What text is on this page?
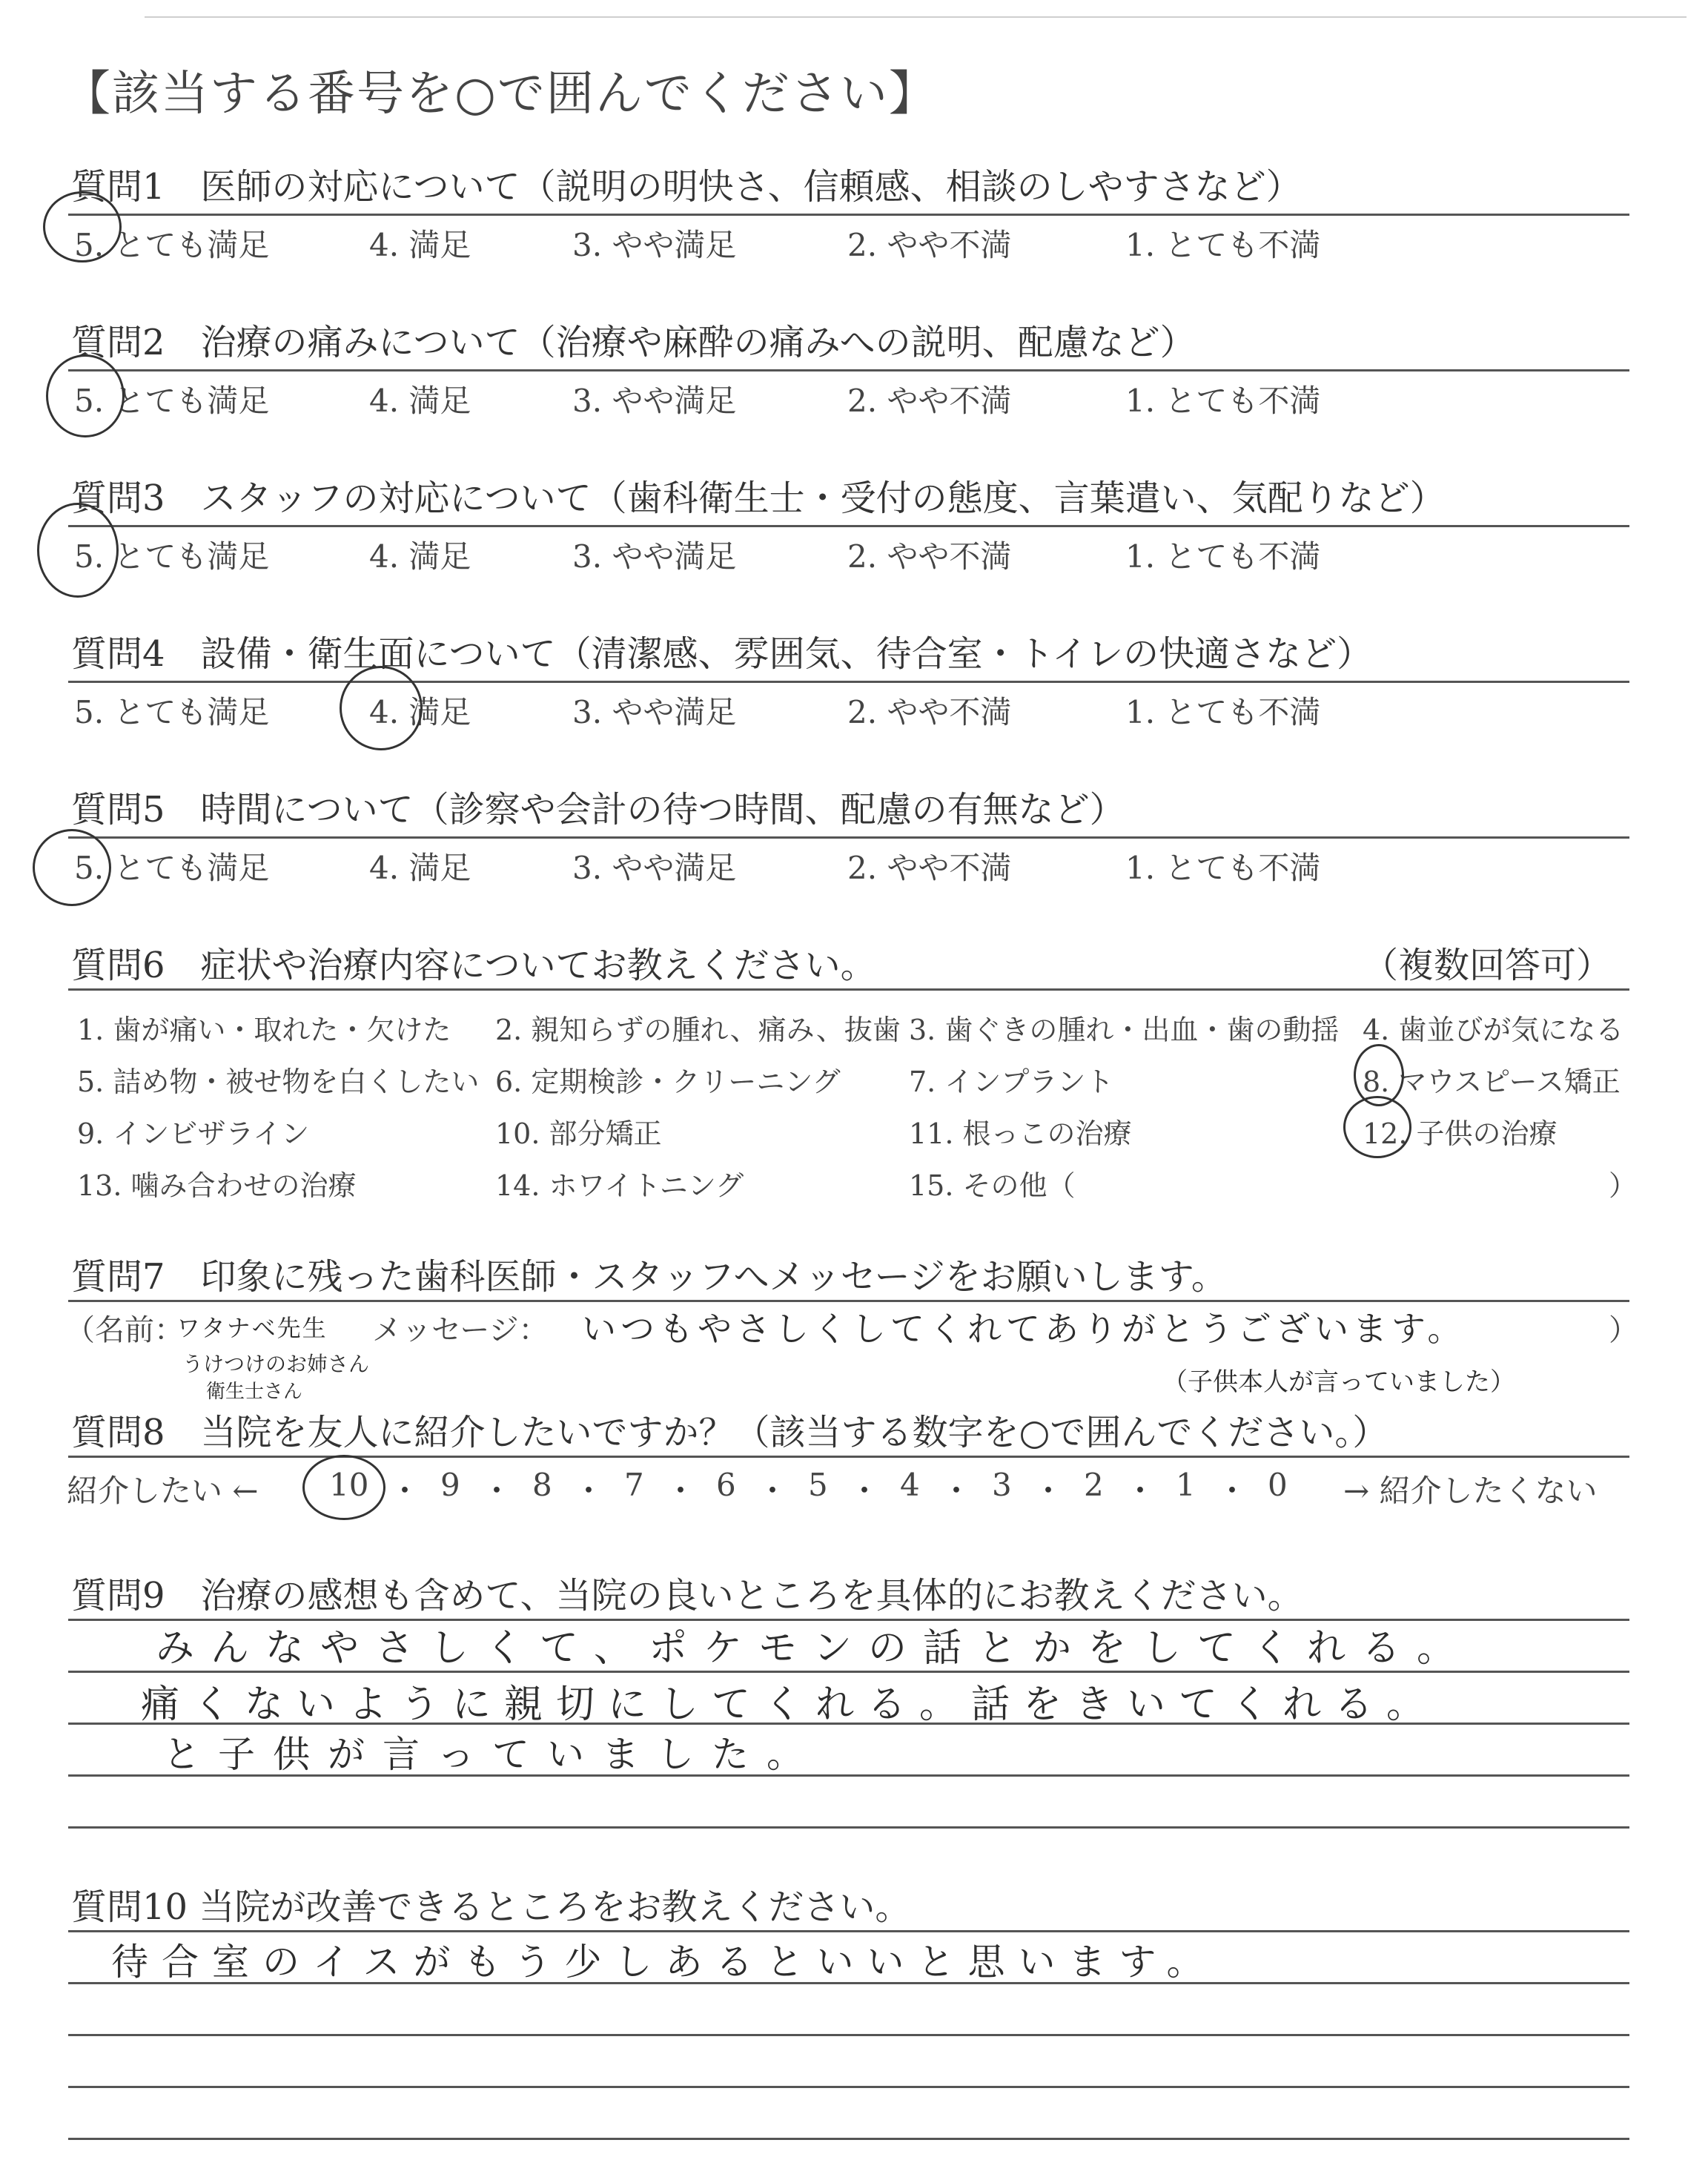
【該当する番号を○で囲んでください】
質問1　医師の対応について（説明の明快さ、信頼感、相談のしやすさなど）
5. とても満足	4. 満足	3. やや満足	2. やや不満	1. とても不満
質問2　治療の痛みについて（治療や麻酔の痛みへの説明、配慮など）
5. とても満足	4. 満足	3. やや満足	2. やや不満	1. とても不満
質問3　スタッフの対応について（歯科衛生士・受付の態度、言葉遣い、気配りなど）
5. とても満足	4. 満足	3. やや満足	2. やや不満	1. とても不満
質問4　設備・衛生面について（清潔感、雰囲気、待合室・トイレの快適さなど）
5. とても満足	4. 満足	3. やや満足	2. やや不満	1. とても不満
質問5　時間について（診察や会計の待つ時間、配慮の有無など）
5. とても満足	4. 満足	3. やや満足	2. やや不満	1. とても不満
質問6　症状や治療内容についてお教えください。	（複数回答可）
1. 歯が痛い・取れた・欠けた 2. 親知らずの腫れ、痛み、抜歯 3. 歯ぐきの腫れ・出血・歯の動揺 4. 歯並びが気になる
5. 詰め物・被せ物を白くしたい 6. 定期検診・クリーニング 7. インプラント	8. マウスピース矯正
9. インビザライン	10. 部分矯正	11. 根っこの治療	12. 子供の治療
13. 噛み合わせの治療	14. ホワイトニング	15. その他（	）
質問7　印象に残った歯科医師・スタッフへメッセージをお願いします。
（名前：
ワタナベ先生
うけつけのお姉さん
衛生士さん
メッセージ： いつもやさしくしてくれてありがとうございます。
（子供本人が言っていました）
）
質問8　当院を友人に紹介したいですか？（該当する数字を○で囲んでください。）
紹介したい ← 10 9 8 7 6 5 4 3 2 1 0
・ ・ ・ ・ ・ ・ ・ ・ ・ ・	→ 紹介したくない
質問9　治療の感想も含めて、当院の良いところを具体的にお教えください。
みんなやさしくて、ポケモンの話とかをしてくれる。
痛くないように親切にしてくれる。話をきいてくれる。
と子供が言っていました。
質問10 当院が改善できるところをお教えください。
待合室のイスがもう少しあるといいと思います。
